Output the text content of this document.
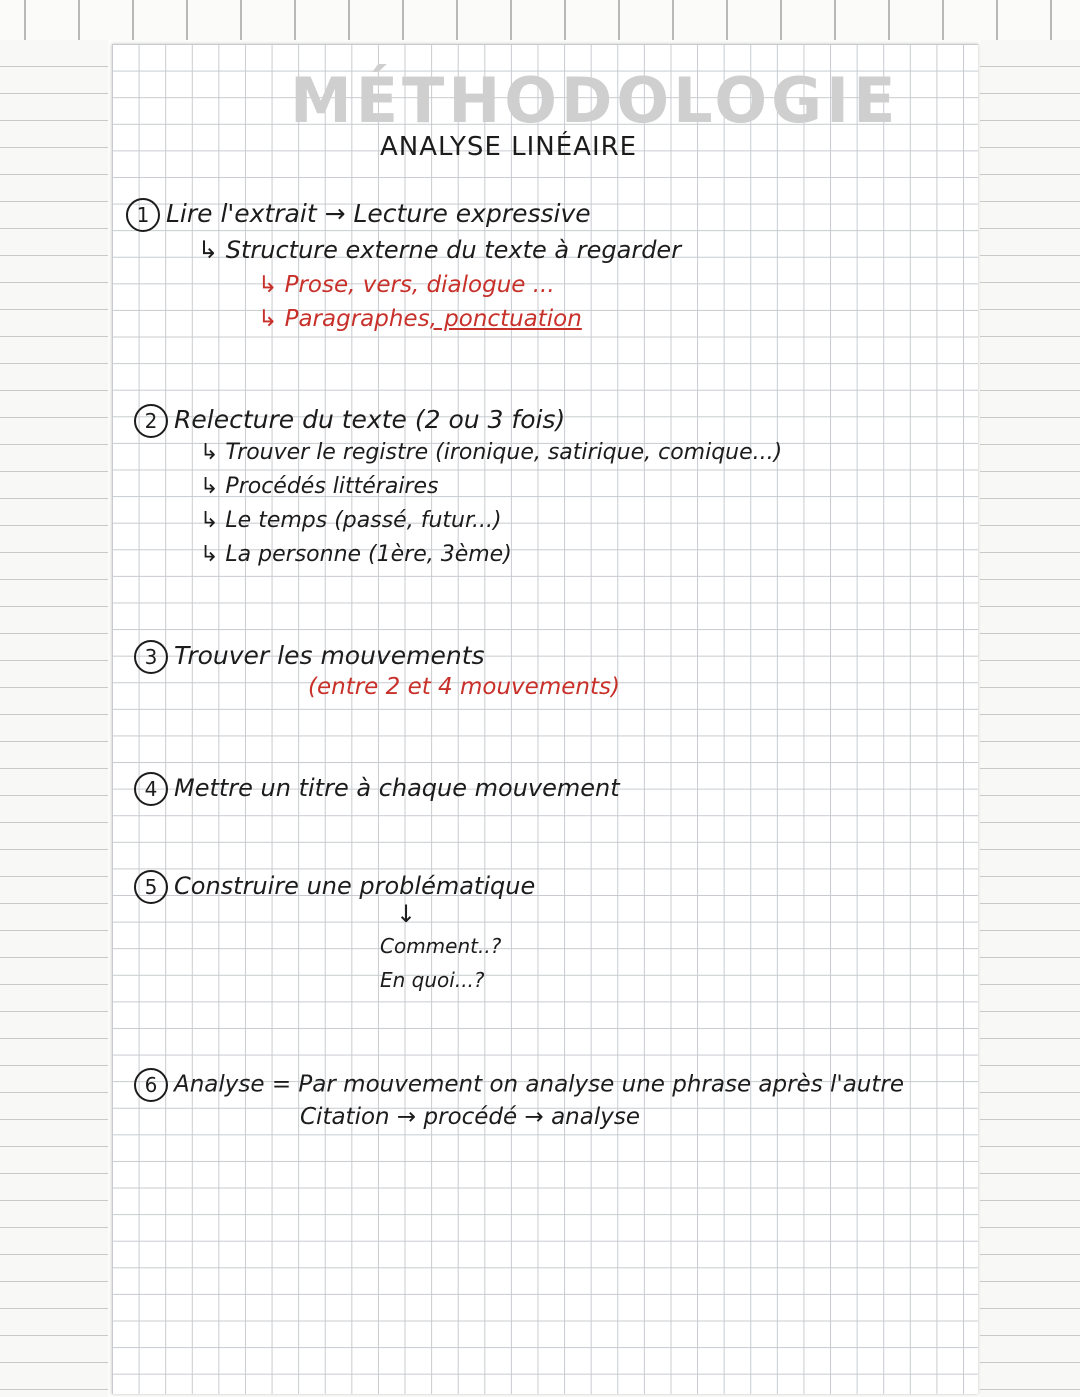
MÉTHODOLOGIE
ANALYSE LINÉAIRE
1 Lire l'extrait → Lecture expressive
↳ Structure externe du texte à regarder
↳ Prose, vers, dialogue ...
↳ Paragraphes, ponctuation
2 Relecture du texte (2 ou 3 fois)
↳ Trouver le registre (ironique, satirique, comique...)
↳ Procédés littéraires
↳ Le temps (passé, futur...)
↳ La personne (1ère, 3ème)
3 Trouver les mouvements
(entre 2 et 4 mouvements)
4 Mettre un titre à chaque mouvement
5 Construire une problématique
↓
Comment..?
En quoi...?
6 Analyse = Par mouvement on analyse une phrase après l'autre
Citation → procédé → analyse
